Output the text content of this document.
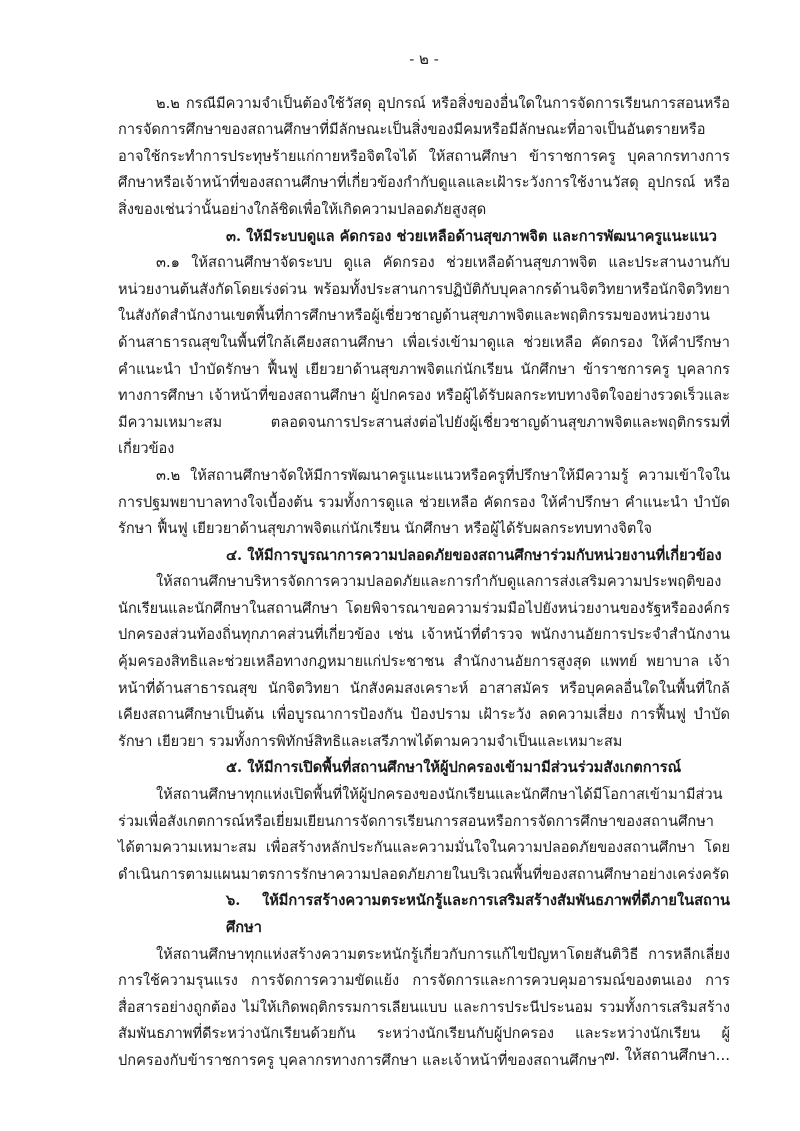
- ๒ -

๒.๒ กรณีมีความจำเป็นต้องใช้วัสดุ อุปกรณ์ หรือสิ่งของอื่นใดในการจัดการเรียนการสอนหรือการจัดการศึกษาของสถานศึกษาที่มีลักษณะเป็นสิ่งของมีคมหรือมีลักษณะที่อาจเป็นอันตรายหรืออาจใช้กระทำการประทุษร้ายแก่กายหรือจิตใจได้ ให้สถานศึกษา ข้าราชการครู บุคลากรทางการศึกษาหรือเจ้าหน้าที่ของสถานศึกษาที่เกี่ยวข้องกำกับดูแลและเฝ้าระวังการใช้งานวัสดุ อุปกรณ์ หรือสิ่งของเช่นว่านั้นอย่างใกล้ชิดเพื่อให้เกิดความปลอดภัยสูงสุด

๓. ให้มีระบบดูแล คัดกรอง ช่วยเหลือด้านสุขภาพจิต และการพัฒนาครูแนะแนว

๓.๑ ให้สถานศึกษาจัดระบบ ดูแล คัดกรอง ช่วยเหลือด้านสุขภาพจิต และประสานงานกับหน่วยงานต้นสังกัดโดยเร่งด่วน พร้อมทั้งประสานการปฏิบัติกับบุคลากรด้านจิตวิทยาหรือนักจิตวิทยาในสังกัดสำนักงานเขตพื้นที่การศึกษาหรือผู้เชี่ยวชาญด้านสุขภาพจิตและพฤติกรรมของหน่วยงานด้านสาธารณสุขในพื้นที่ใกล้เคียงสถานศึกษา เพื่อเร่งเข้ามาดูแล ช่วยเหลือ คัดกรอง ให้คำปรึกษา คำแนะนำ บำบัดรักษา ฟื้นฟู เยียวยาด้านสุขภาพจิตแก่นักเรียน นักศึกษา ข้าราชการครู บุคลากรทางการศึกษา เจ้าหน้าที่ของสถานศึกษา ผู้ปกครอง หรือผู้ได้รับผลกระทบทางจิตใจอย่างรวดเร็วและมีความเหมาะสม ตลอดจนการประสานส่งต่อไปยังผู้เชี่ยวชาญด้านสุขภาพจิตและพฤติกรรมที่เกี่ยวข้อง

๓.๒ ให้สถานศึกษาจัดให้มีการพัฒนาครูแนะแนวหรือครูที่ปรึกษาให้มีความรู้ ความเข้าใจในการปฐมพยาบาลทางใจเบื้องต้น รวมทั้งการดูแล ช่วยเหลือ คัดกรอง ให้คำปรึกษา คำแนะนำ บำบัดรักษา ฟื้นฟู เยียวยาด้านสุขภาพจิตแก่นักเรียน นักศึกษา หรือผู้ได้รับผลกระทบทางจิตใจ

๔. ให้มีการบูรณาการความปลอดภัยของสถานศึกษาร่วมกับหน่วยงานที่เกี่ยวข้อง

ให้สถานศึกษาบริหารจัดการความปลอดภัยและการกำกับดูแลการส่งเสริมความประพฤติของนักเรียนและนักศึกษาในสถานศึกษา โดยพิจารณาขอความร่วมมือไปยังหน่วยงานของรัฐหรือองค์กรปกครองส่วนท้องถิ่นทุกภาคส่วนที่เกี่ยวข้อง เช่น เจ้าหน้าที่ตำรวจ พนักงานอัยการประจำสำนักงานคุ้มครองสิทธิและช่วยเหลือทางกฎหมายแก่ประชาชน สำนักงานอัยการสูงสุด แพทย์ พยาบาล เจ้าหน้าที่ด้านสาธารณสุข นักจิตวิทยา นักสังคมสงเคราะห์ อาสาสมัคร หรือบุคคลอื่นใดในพื้นที่ใกล้เคียงสถานศึกษาเป็นต้น เพื่อบูรณาการป้องกัน ป้องปราม เฝ้าระวัง ลดความเสี่ยง การฟื้นฟู บำบัดรักษา เยียวยา รวมทั้งการพิทักษ์สิทธิและเสรีภาพได้ตามความจำเป็นและเหมาะสม

๕. ให้มีการเปิดพื้นที่สถานศึกษาให้ผู้ปกครองเข้ามามีส่วนร่วมสังเกตการณ์

ให้สถานศึกษาทุกแห่งเปิดพื้นที่ให้ผู้ปกครองของนักเรียนและนักศึกษาได้มีโอกาสเข้ามามีส่วนร่วมเพื่อสังเกตการณ์หรือเยี่ยมเยียนการจัดการเรียนการสอนหรือการจัดการศึกษาของสถานศึกษาได้ตามความเหมาะสม เพื่อสร้างหลักประกันและความมั่นใจในความปลอดภัยของสถานศึกษา โดยดำเนินการตามแผนมาตรการรักษาความปลอดภัยภายในบริเวณพื้นที่ของสถานศึกษาอย่างเคร่งครัด

๖. ให้มีการสร้างความตระหนักรู้และการเสริมสร้างสัมพันธภาพที่ดีภายในสถานศึกษา

ให้สถานศึกษาทุกแห่งสร้างความตระหนักรู้เกี่ยวกับการแก้ไขปัญหาโดยสันติวิธี การหลีกเลี่ยงการใช้ความรุนแรง การจัดการความขัดแย้ง การจัดการและการควบคุมอารมณ์ของตนเอง การสื่อสารอย่างถูกต้อง ไม่ให้เกิดพฤติกรรมการเลียนแบบ และการประนีประนอม รวมทั้งการเสริมสร้างสัมพันธภาพที่ดีระหว่างนักเรียนด้วยกัน ระหว่างนักเรียนกับผู้ปกครอง และระหว่างนักเรียน ผู้ปกครองกับข้าราชการครู บุคลากรทางการศึกษา และเจ้าหน้าที่ของสถานศึกษา

๗. ให้สถานศึกษา...
